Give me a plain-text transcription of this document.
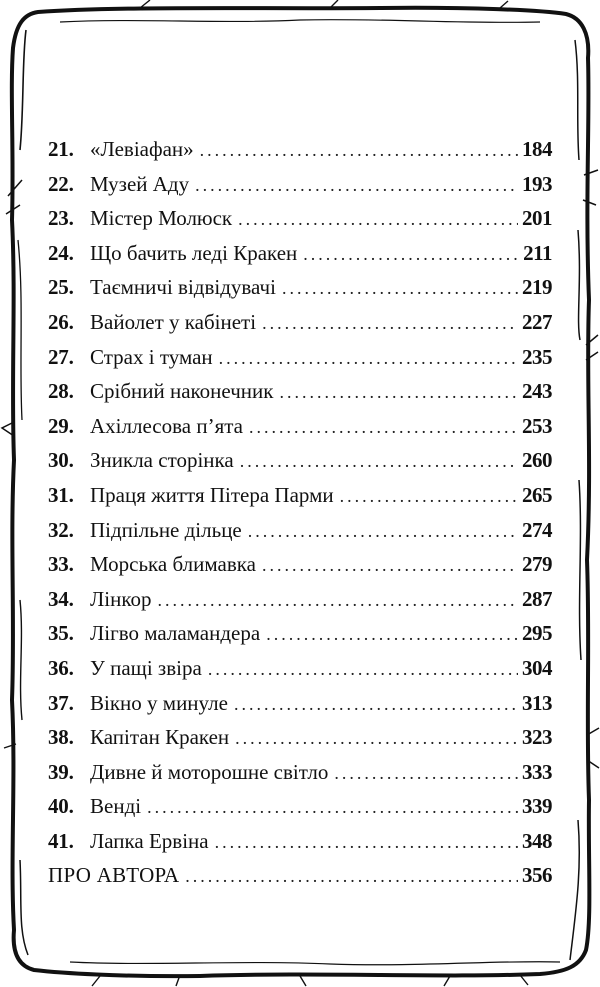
21. «Левіафан» .....	184
22. Музей Аду .....	193
23. Містер Молюск .....	201
24. Що бачить леді Кракен .....	211
25. Таємничі відвідувачі .....	219
26. Вайолет у кабінеті .....	227
27. Страх і туман .....	235
28. Срібний наконечник .....	243
29. Ахіллесова п’ята .....	253
30. Зникла сторінка .....	260
31. Праця життя Пітера Парми .....	265
32. Підпільне дільце .....	274
33. Морська блимавка .....	279
34. Лінкор .....	287
35. Лігво маламандера .....	295
36. У пащі звіра .....	304
37. Вікно у минуле .....	313
38. Капітан Кракен .....	323
39. Дивне й моторошне світло .....	333
40. Венді .....	339
41. Лапка Ервіна .....	348
ПРО АВТОРА .....	356
